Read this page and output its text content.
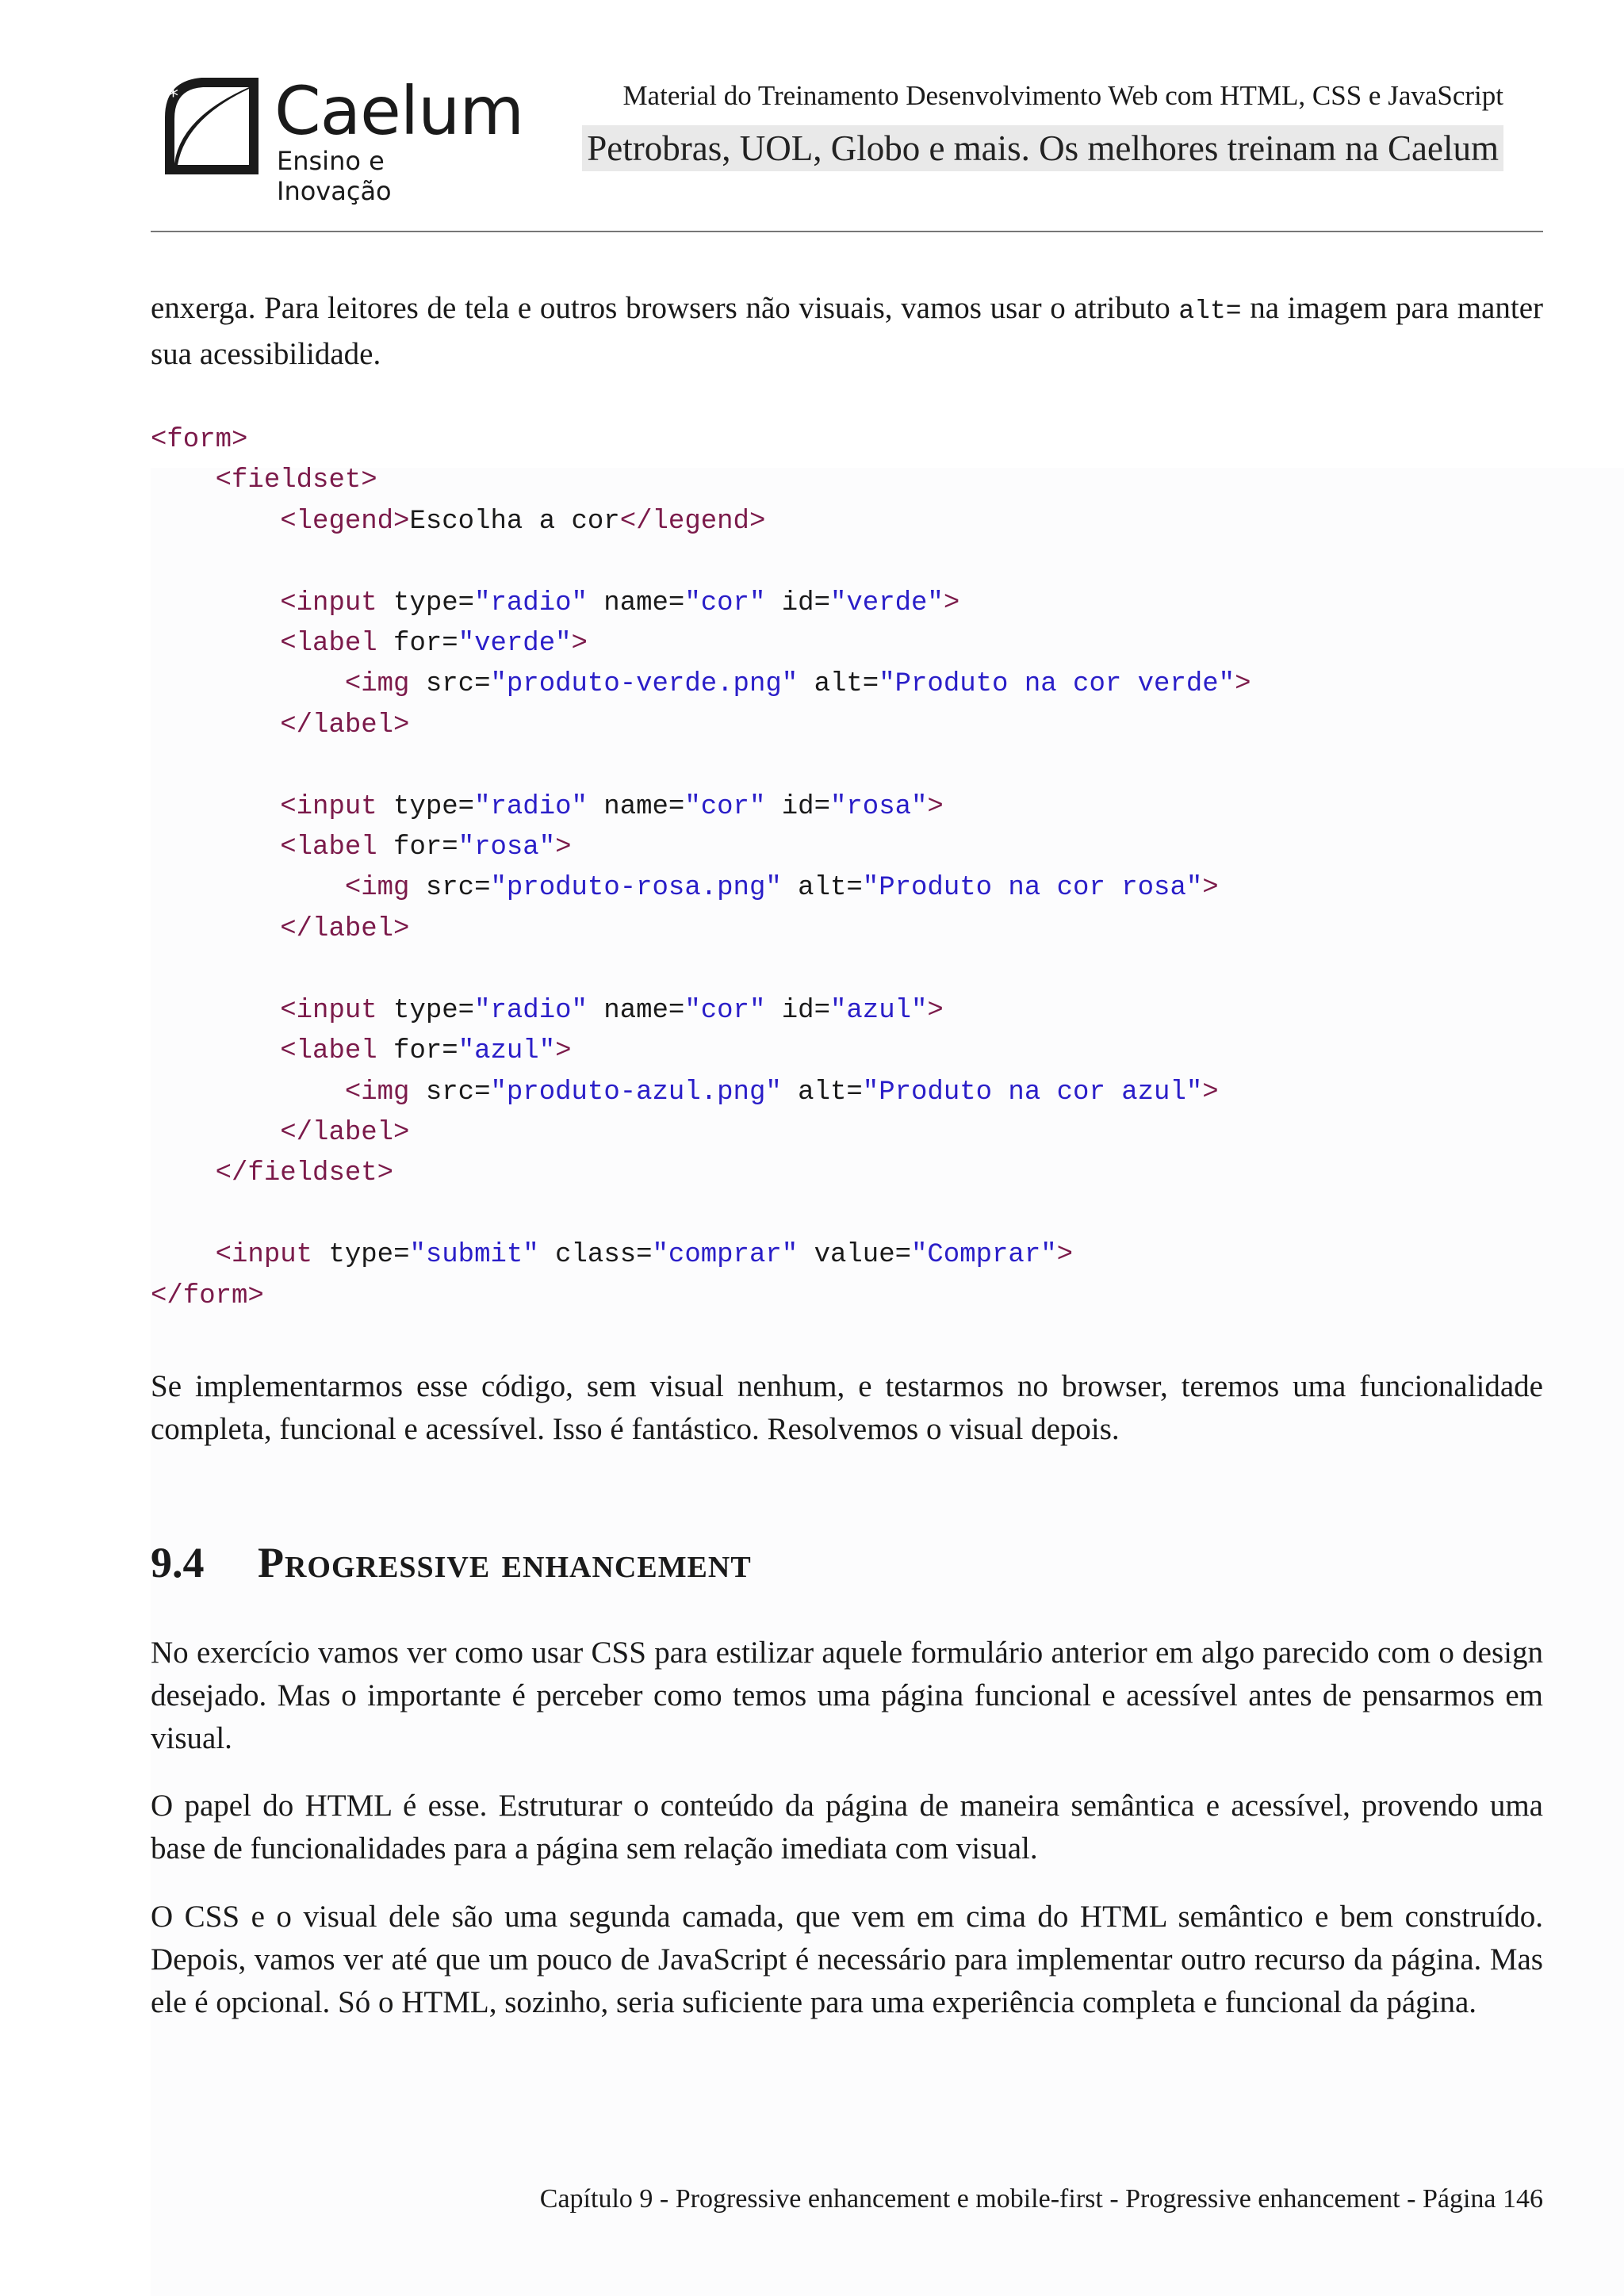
* Caelum
Ensino e Inovação
Material do Treinamento Desenvolvimento Web com HTML, CSS e JavaScript
Petrobras, UOL, Globo e mais. Os melhores treinam na Caelum

enxerga. Para leitores de tela e outros browsers não visuais, vamos usar o atributo alt= na imagem para manter sua acessibilidade.

<form>
<fieldset>
<legend>Escolha a cor</legend>

<input type="radio" name="cor" id="verde">
<label for="verde">
<img src="produto-verde.png" alt="Produto na cor verde">
</label>

<input type="radio" name="cor" id="rosa">
<label for="rosa">
<img src="produto-rosa.png" alt="Produto na cor rosa">
</label>

<input type="radio" name="cor" id="azul">
<label for="azul">
<img src="produto-azul.png" alt="Produto na cor azul">
</label>
</fieldset>

<input type="submit" class="comprar" value="Comprar">
</form>

Se implementarmos esse código, sem visual nenhum, e testarmos no browser, teremos uma funcionalidade completa, funcional e acessível. Isso é fantástico. Resolvemos o visual depois.

9.4 Progressive enhancement

No exercício vamos ver como usar CSS para estilizar aquele formulário anterior em algo parecido com o design desejado. Mas o importante é perceber como temos uma página funcional e acessível antes de pensarmos em visual.

O papel do HTML é esse. Estruturar o conteúdo da página de maneira semântica e acessível, provendo uma base de funcionalidades para a página sem relação imediata com visual.

O CSS e o visual dele são uma segunda camada, que vem em cima do HTML semântico e bem construído. Depois, vamos ver até que um pouco de JavaScript é necessário para implementar outro recurso da página. Mas ele é opcional. Só o HTML, sozinho, seria suficiente para uma experiência completa e funcional da página.

Capítulo 9 - Progressive enhancement e mobile-first - Progressive enhancement - Página 146
